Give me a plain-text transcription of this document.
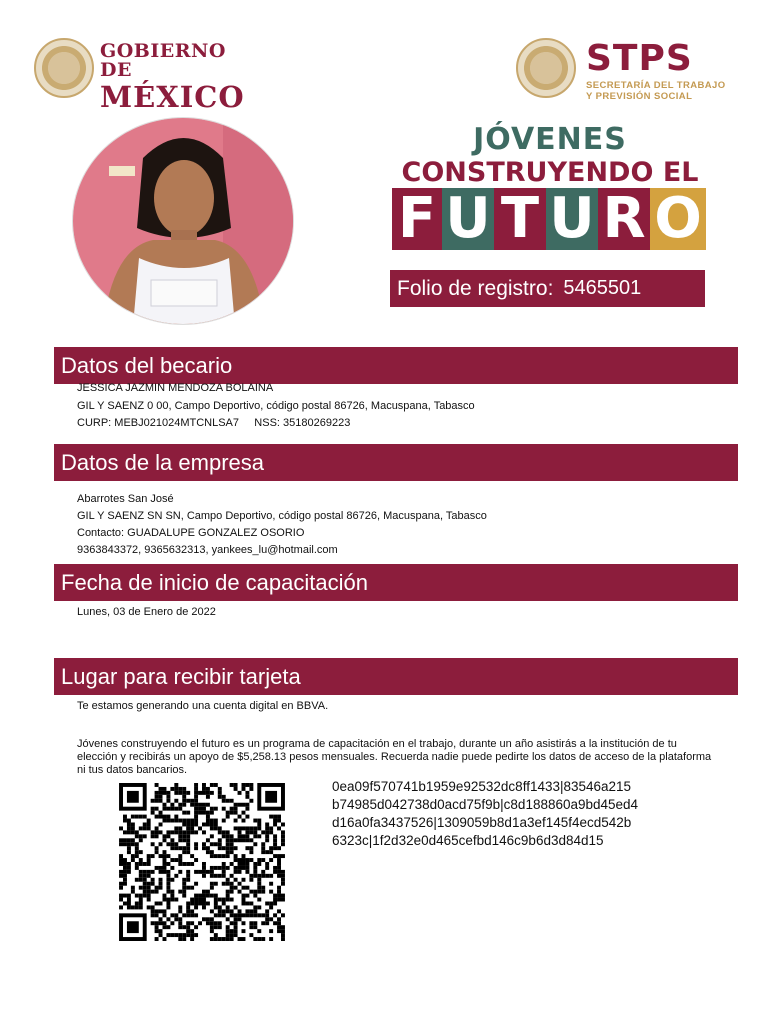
GOBIERNO DE
MÉXICO
STPS
SECRETARÍA DEL TRABAJO
Y PREVISIÓN SOCIAL
JÓVENES
CONSTRUYENDO EL
F U T U R O
Folio de registro: 5465501
Datos del becario
JESSICA JAZMIN MENDOZA BOLAINA
GIL Y SAENZ 0 00, Campo Deportivo, código postal 86726, Macuspana, Tabasco
CURP: MEBJ021024MTCNLSA7     NSS: 35180269223
Datos de la empresa
Abarrotes San José
GIL Y SAENZ SN SN, Campo Deportivo, código postal 86726, Macuspana, Tabasco
Contacto: GUADALUPE GONZALEZ OSORIO
9363843372, 9365632313, yankees_lu@hotmail.com
Fecha de inicio de capacitación
Lunes, 03 de Enero de 2022
Lugar para recibir tarjeta
Te estamos generando una cuenta digital en BBVA.
Jóvenes construyendo el futuro es un programa de capacitación en el trabajo, durante un año asistirás a la institución de tu elección y recibirás un apoyo de $5,258.13 pesos mensuales. Recuerda nadie puede pedirte los datos de acceso de la plataforma ni tus datos bancarios.
0ea09f570741b1959e92532dc8ff1433|83546a215
b74985d042738d0acd75f9b|c8d188860a9bd45ed4
d16a0fa3437526|1309059b8d1a3ef145f4ecd542b
6323c|1f2d32e0d465cefbd146c9b6d3d84d15
